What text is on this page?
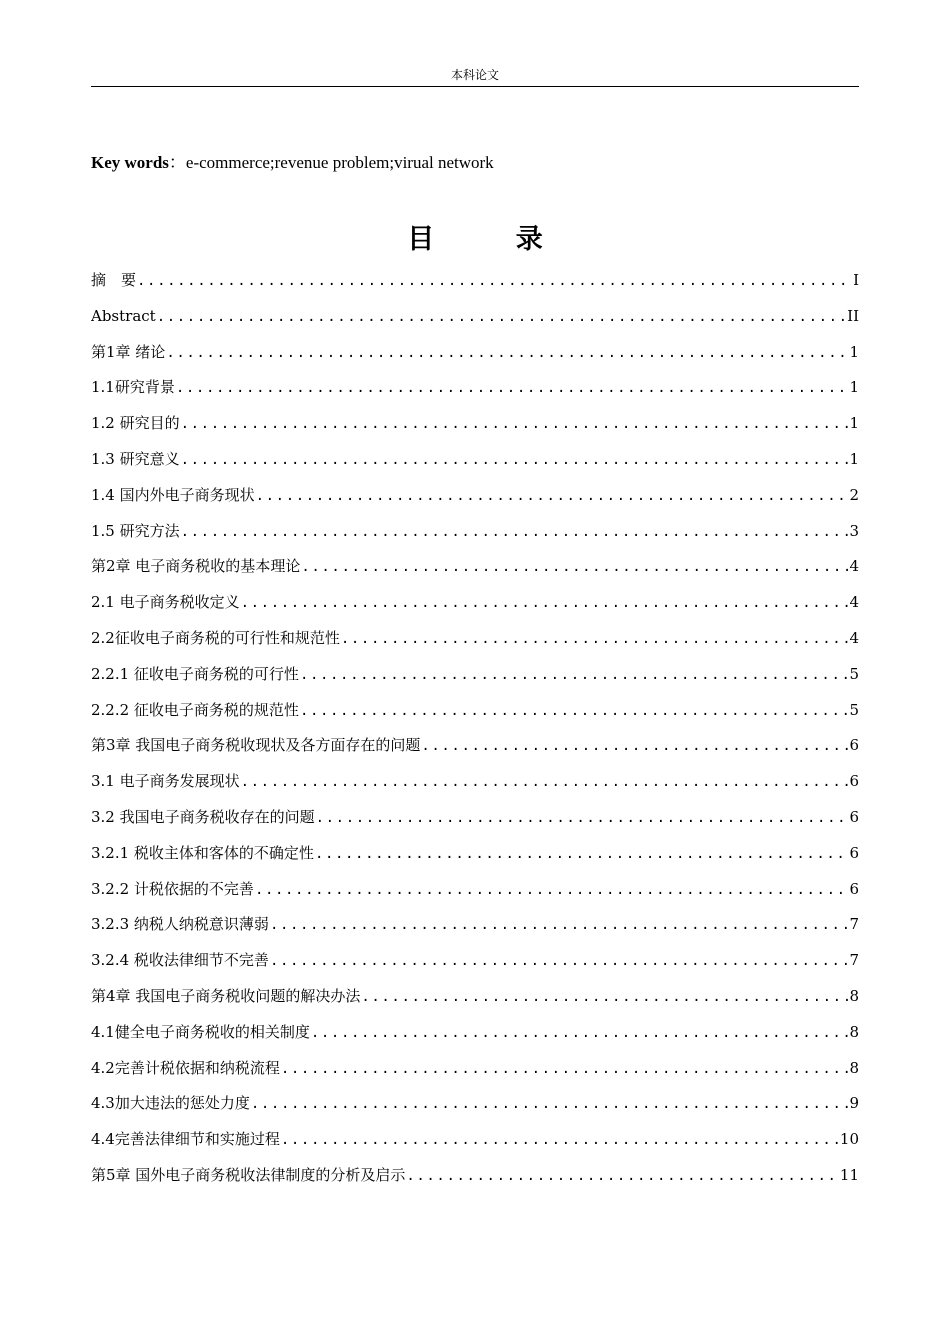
本科论文
Key words：e-commerce;revenue problem;virual network
目 录
摘　要 .....	I
Abstract .....	II
第1章 绪论 .....	1
1.1研究背景 .....	1
1.2 研究目的 .....	1
1.3 研究意义 .....	1
1.4 国内外电子商务现状 .....	2
1.5 研究方法 .....	3
第2章 电子商务税收的基本理论 .....	4
2.1 电子商务税收定义 .....	4
2.2征收电子商务税的可行性和规范性 .....	4
2.2.1 征收电子商务税的可行性 .....	5
2.2.2 征收电子商务税的规范性 .....	5
第3章 我国电子商务税收现状及各方面存在的问题 .....	6
3.1 电子商务发展现状 .....	6
3.2 我国电子商务税收存在的问题 .....	6
3.2.1 税收主体和客体的不确定性 .....	6
3.2.2 计税依据的不完善 .....	6
3.2.3 纳税人纳税意识薄弱 .....	7
3.2.4 税收法律细节不完善 .....	7
第4章 我国电子商务税收问题的解决办法 .....	8
4.1健全电子商务税收的相关制度 .....	8
4.2完善计税依据和纳税流程 .....	8
4.3加大违法的惩处力度 .....	9
4.4完善法律细节和实施过程 .....	10
第5章 国外电子商务税收法律制度的分析及启示 .....	11
